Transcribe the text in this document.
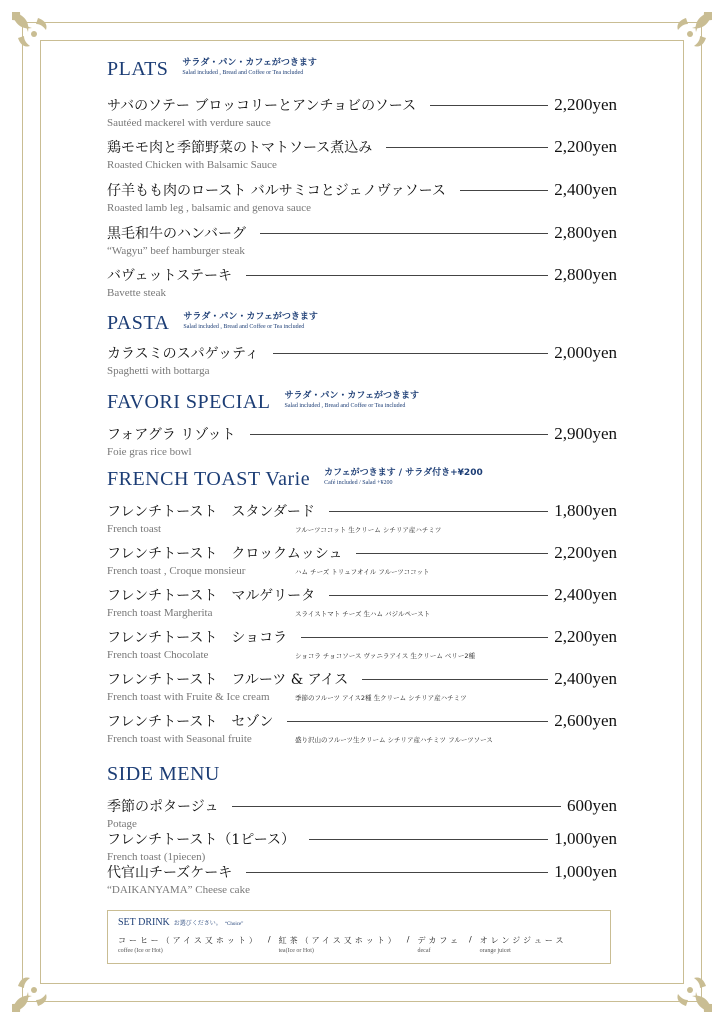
PLATS サラダ・パン・カフェがつきます
Salad included , Bread and Coffee or Tea included
サバのソテー ブロッコリーとアンチョビのソース	2,200yen
Sautéed mackerel with verdure sauce
鶏モモ肉と季節野菜のトマトソース煮込み	2,200yen
Roasted Chicken with Balsamic Sauce
仔羊もも肉のロースト バルサミコとジェノヴァソース	2,400yen
Roasted lamb leg , balsamic and genova sauce
黒毛和牛のハンバーグ	2,800yen
“Wagyu” beef hamburger steak
バヴェットステーキ	2,800yen
Bavette steak
PASTA サラダ・パン・カフェがつきます
Salad included , Bread and Coffee or Tea included
カラスミのスパゲッティ	2,000yen
Spaghetti with bottarga
FAVORI SPECIAL サラダ・パン・カフェがつきます
Salad included , Bread and Coffee or Tea included
フォアグラ リゾット	2,900yen
Foie gras rice bowl
FRENCH TOAST Varie カフェがつきます / サラダ付き+¥200
Café included / Salad +¥200
フレンチトースト　スタンダード	1,800yen
French toast	フルーツココット 生クリーム シチリア産ハチミツ
フレンチトースト　クロックムッシュ	2,200yen
French toast , Croque monsieur	ハム チーズ トリュフオイル フルーツココット
フレンチトースト　マルゲリータ	2,400yen
French toast Margherita	スライストマト チーズ 生ハム バジルペースト
フレンチトースト　ショコラ	2,200yen
French toast Chocolate	ショコラ チョコソース ヴァニラアイス 生クリーム ベリー2種
フレンチトースト　フルーツ & アイス	2,400yen
French toast with Fruite & Ice cream	季節のフルーツ アイス2種 生クリーム シチリア産ハチミツ
フレンチトースト　セゾン	2,600yen
French toast with Seasonal fruite	盛り沢山のフルーツ生クリーム シチリア産ハチミツ フルーツソース
SIDE MENU
季節のポタージュ	600yen
Potage
フレンチトースト（1ピース）	1,000yen
French toast (1piecen)
代官山チーズケーキ	1,000yen
“DAIKANYAMA” Cheese cake
SET DRINK お選びください。 “Choice”
コーヒー（アイス又ホット）
coffee (Ice or Hot)
/ 紅茶（アイス又ホット）
tea(Ice or Hot)
/ デカフェ
decaf
/ オレンジジュース
orange juicet
